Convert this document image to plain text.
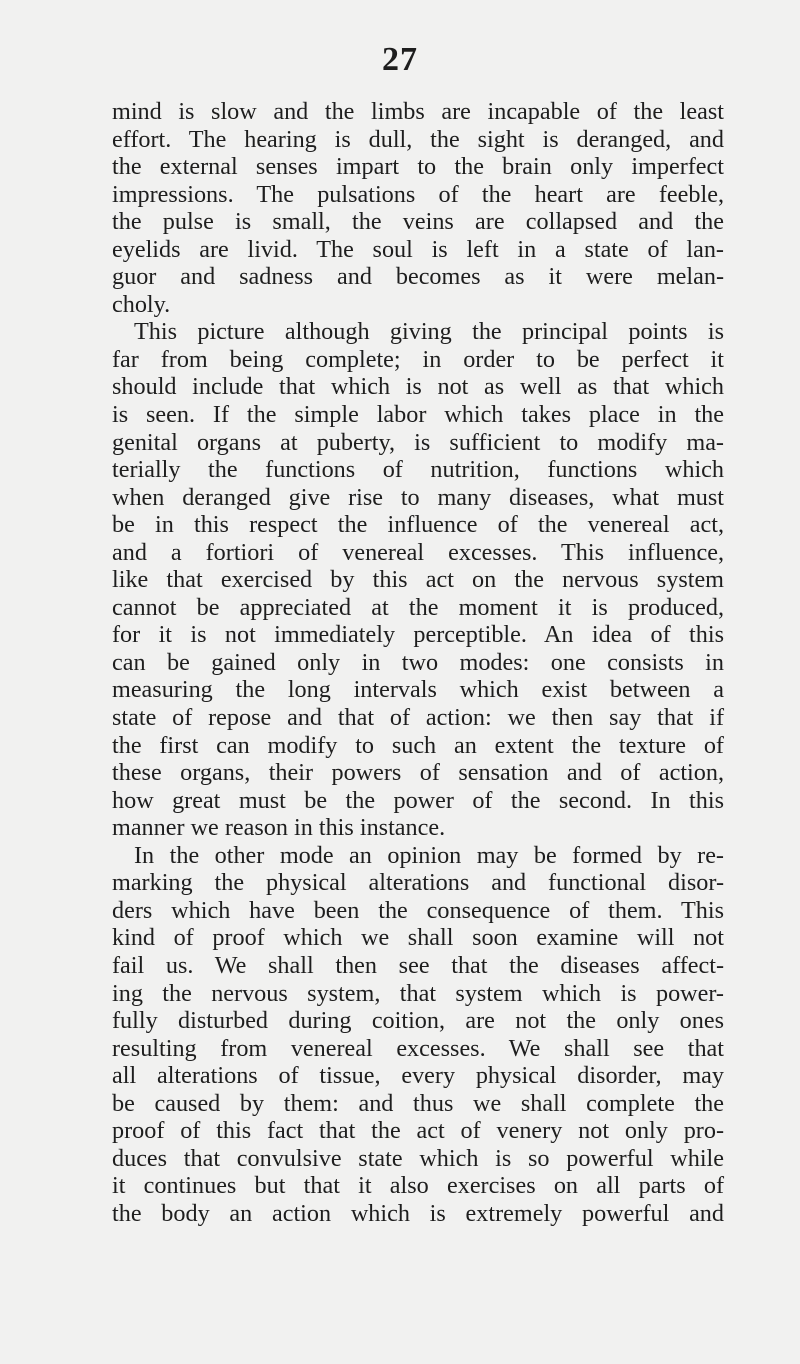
27
mind is slow and the limbs are incapable of the least
effort. The hearing is dull, the sight is deranged, and
the external senses impart to the brain only imperfect
impressions. The pulsations of the heart are feeble,
the pulse is small, the veins are collapsed and the
eyelids are livid. The soul is left in a state of lan-
guor and sadness and becomes as it were melan-
choly.
This picture although giving the principal points is
far from being complete; in order to be perfect it
should include that which is not as well as that which
is seen. If the simple labor which takes place in the
genital organs at puberty, is sufficient to modify ma-
terially the functions of nutrition, functions which
when deranged give rise to many diseases, what must
be in this respect the influence of the venereal act,
and a fortiori of venereal excesses. This influence,
like that exercised by this act on the nervous system
cannot be appreciated at the moment it is produced,
for it is not immediately perceptible. An idea of this
can be gained only in two modes: one consists in
measuring the long intervals which exist between a
state of repose and that of action: we then say that if
the first can modify to such an extent the texture of
these organs, their powers of sensation and of action,
how great must be the power of the second. In this
manner we reason in this instance.
In the other mode an opinion may be formed by re-
marking the physical alterations and functional disor-
ders which have been the consequence of them. This
kind of proof which we shall soon examine will not
fail us. We shall then see that the diseases affect-
ing the nervous system, that system which is power-
fully disturbed during coition, are not the only ones
resulting from venereal excesses. We shall see that
all alterations of tissue, every physical disorder, may
be caused by them: and thus we shall complete the
proof of this fact that the act of venery not only pro-
duces that convulsive state which is so powerful while
it continues but that it also exercises on all parts of
the body an action which is extremely powerful and
